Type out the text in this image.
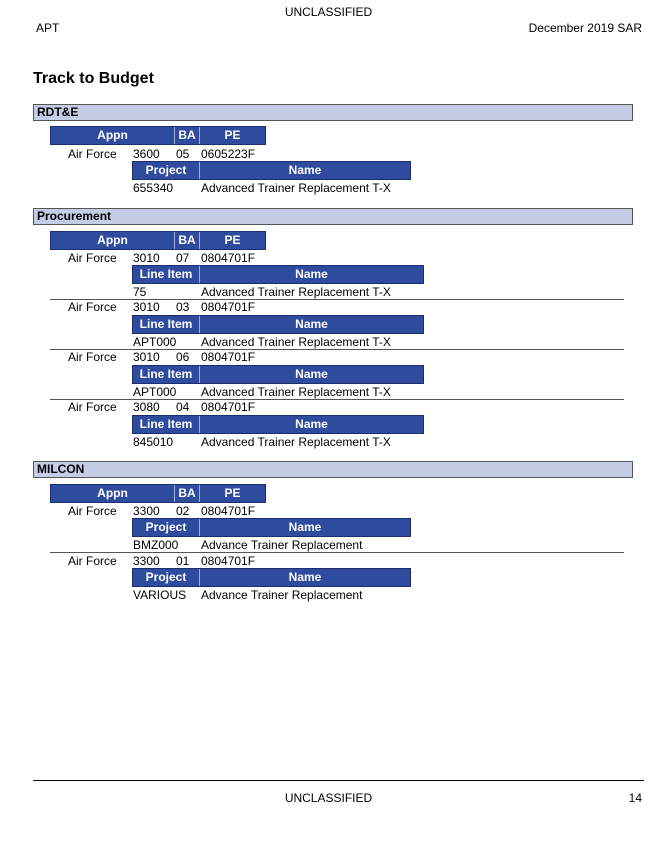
UNCLASSIFIED
APT	December 2019 SAR
Track to Budget
RDT&E
Appn	BA	PE
Air Force 3600 05 0605223F
Project	Name
655340 Advanced Trainer Replacement T-X
Procurement
Appn	BA	PE
Air Force 3010 07 0804701F
Line Item	Name
75	Advanced Trainer Replacement T-X
Air Force 3010 03 0804701F
Line Item	Name
APT000 Advanced Trainer Replacement T-X
Air Force 3010 06 0804701F
Line Item	Name
APT000 Advanced Trainer Replacement T-X
Air Force 3080 04 0804701F
Line Item	Name
845010 Advanced Trainer Replacement T-X
MILCON
Appn	BA	PE
Air Force 3300 02 0804701F
Project	Name
BMZ000 Advance Trainer Replacement
Air Force 3300 01 0804701F
Project	Name
VARIOUS Advance Trainer Replacement
UNCLASSIFIED	14
